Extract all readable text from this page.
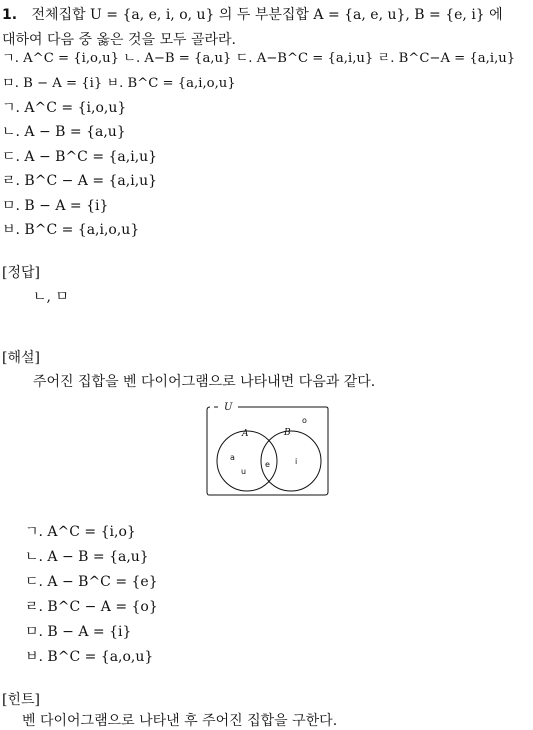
1. 전체집합 U = {a, e, i, o, u} 의 두 부분집합 A = {a, e, u}, B = {e, i} 에
대하여 다음 중 옳은 것을 모두 골라라.
ㄱ. A^C = {i,o,u} ㄴ. A−B = {a,u} ㄷ. A−B^C = {a,i,u} ㄹ. B^C−A = {a,i,u}
ㅁ. B − A = {i} ㅂ. B^C = {a,i,o,u}
ㄱ. A^C = {i,o,u}
ㄴ. A − B = {a,u}
ㄷ. A − B^C = {a,i,u}
ㄹ. B^C − A = {a,i,u}
ㅁ. B − A = {i}
ㅂ. B^C = {a,i,o,u}
[정답]
ㄴ, ㅁ
[해설]
주어진 집합을 벤 다이어그램으로 나타내면 다음과 같다.
U
A	B
a
u
e	i
o
ㄱ. A^C = {i,o}
ㄴ. A − B = {a,u}
ㄷ. A − B^C = {e}
ㄹ. B^C − A = {o}
ㅁ. B − A = {i}
ㅂ. B^C = {a,o,u}
[힌트]
벤 다이어그램으로 나타낸 후 주어진 집합을 구한다.
